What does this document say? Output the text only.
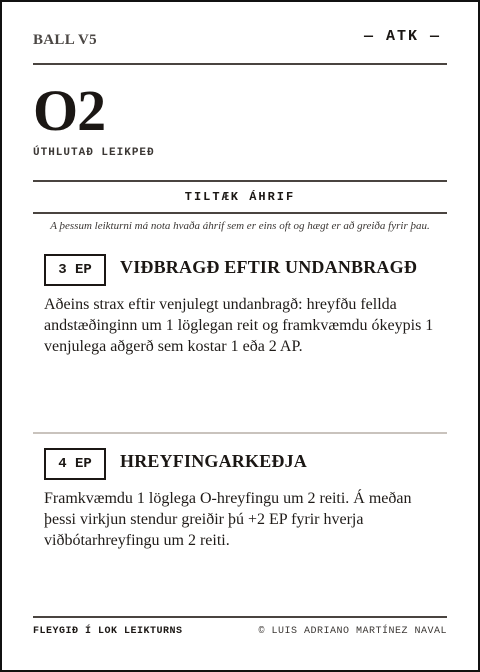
BALL V5	— ATK —
O2
ÚTHLUTAÐ LEIKPEÐ
TILTÆK ÁHRIF
A þessum leikturni má nota hvaða áhrif sem er eins oft og hægt er að greiða fyrir þau.
3 EP	VIÐBRAGÐ EFTIR UNDANBRAGÐ
Aðeins strax eftir venjulegt undanbragð: hreyfðu fellda andstæðinginn um 1 löglegan reit og framkvæmdu ókeypis 1 venjulega aðgerð sem kostar 1 eða 2 AP.
4 EP	HREYFINGARKEÐJA
Framkvæmdu 1 löglega O-hreyfingu um 2 reiti. Á meðan þessi virkjun stendur greiðir þú +2 EP fyrir hverja viðbótarhreyfingu um 2 reiti.
FLEYGIÐ Í LOK LEIKTURNS	© LUIS ADRIANO MARTÍNEZ NAVAL
